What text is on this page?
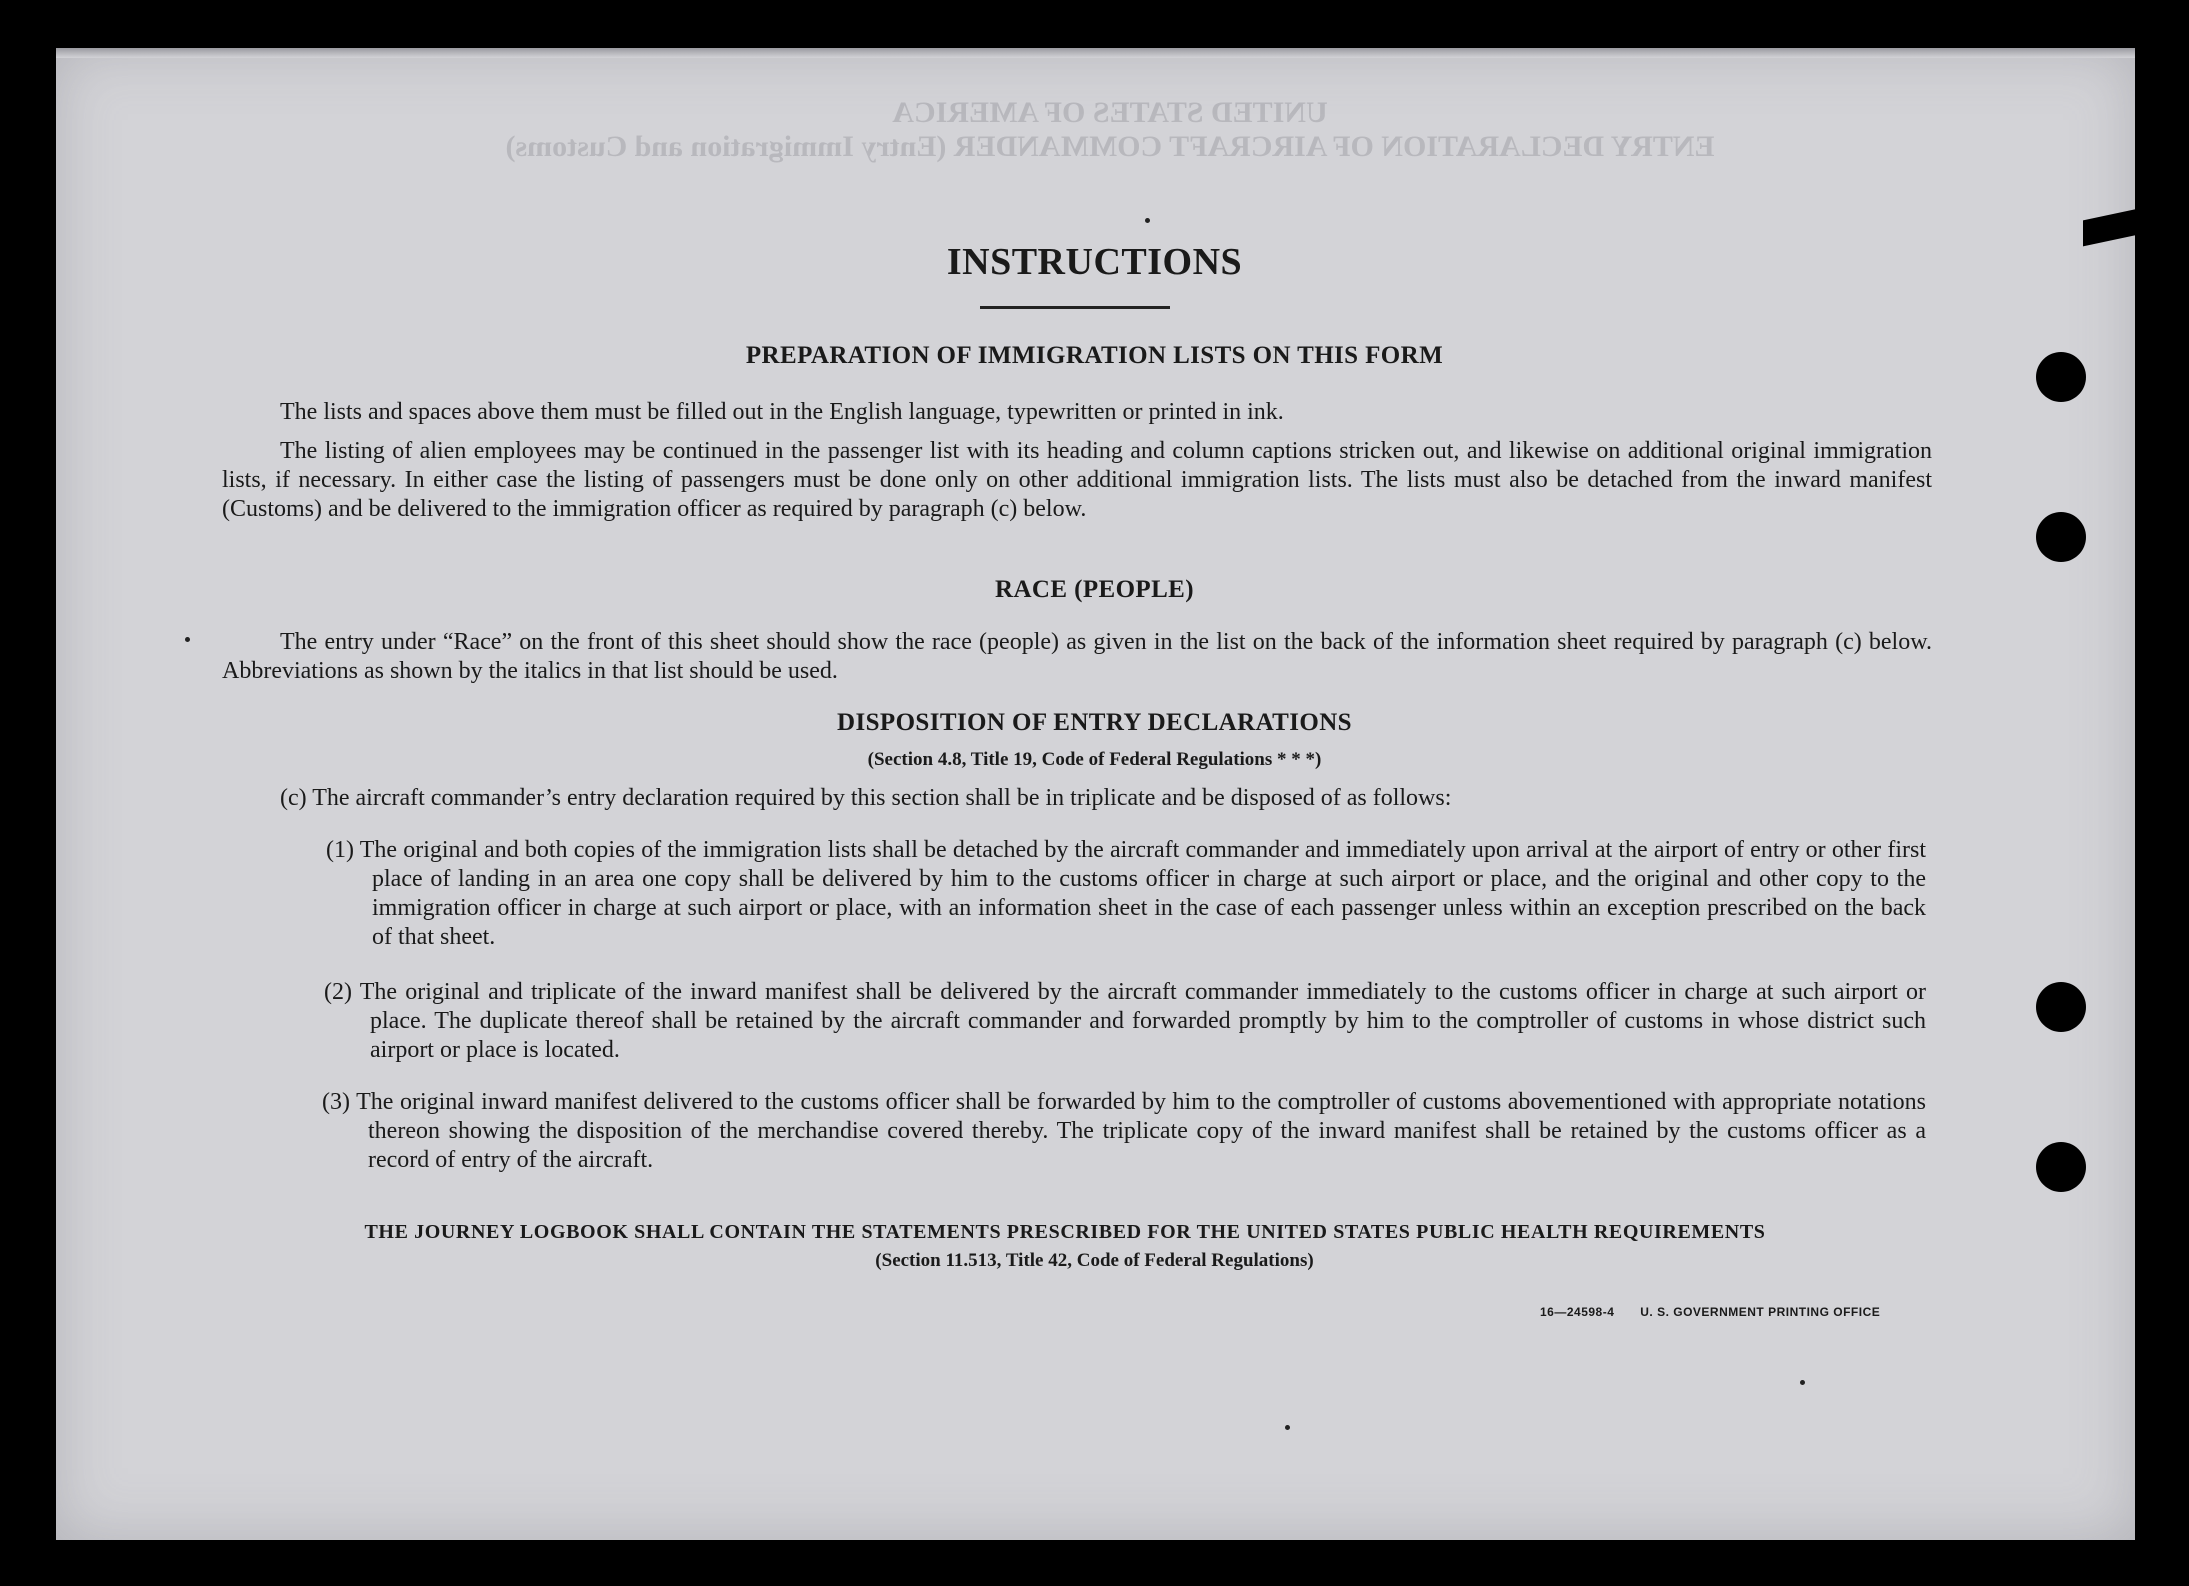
UNITED STATES OF AMERICA
ENTRY DECLARATION OF AIRCRAFT COMMANDER (Entry Immigration and Customs)
INSTRUCTIONS
PREPARATION OF IMMIGRATION LISTS ON THIS FORM
The lists and spaces above them must be filled out in the English language, typewritten or printed in ink.
The listing of alien employees may be continued in the passenger list with its heading and column captions stricken out, and likewise on additional original immigration lists, if necessary. In either case the listing of passengers must be done only on other additional immigration lists. The lists must also be detached from the inward manifest (Customs) and be delivered to the immigration officer as required by paragraph (c) below.
RACE (PEOPLE)
The entry under “Race” on the front of this sheet should show the race (people) as given in the list on the back of the information sheet required by paragraph (c) below. Abbreviations as shown by the italics in that list should be used.
DISPOSITION OF ENTRY DECLARATIONS
(Section 4.8, Title 19, Code of Federal Regulations * * *)
(c) The aircraft commander’s entry declaration required by this section shall be in triplicate and be disposed of as follows:
(1) The original and both copies of the immigration lists shall be detached by the aircraft commander and immediately upon arrival at the airport of entry or other first place of landing in an area one copy shall be delivered by him to the customs officer in charge at such airport or place, and the original and other copy to the immigration officer in charge at such airport or place, with an information sheet in the case of each passenger unless within an exception prescribed on the back of that sheet.
(2) The original and triplicate of the inward manifest shall be delivered by the aircraft commander immediately to the customs officer in charge at such airport or place. The duplicate thereof shall be retained by the aircraft commander and forwarded promptly by him to the comptroller of customs in whose district such airport or place is located.
(3) The original inward manifest delivered to the customs officer shall be forwarded by him to the comptroller of customs abovementioned with appropriate notations thereon showing the disposition of the merchandise covered thereby. The triplicate copy of the inward manifest shall be retained by the customs officer as a record of entry of the aircraft.
THE JOURNEY LOGBOOK SHALL CONTAIN THE STATEMENTS PRESCRIBED FOR THE UNITED STATES PUBLIC HEALTH REQUIREMENTS
(Section 11.513, Title 42, Code of Federal Regulations)
16—24598-4 U. S. GOVERNMENT PRINTING OFFICE
